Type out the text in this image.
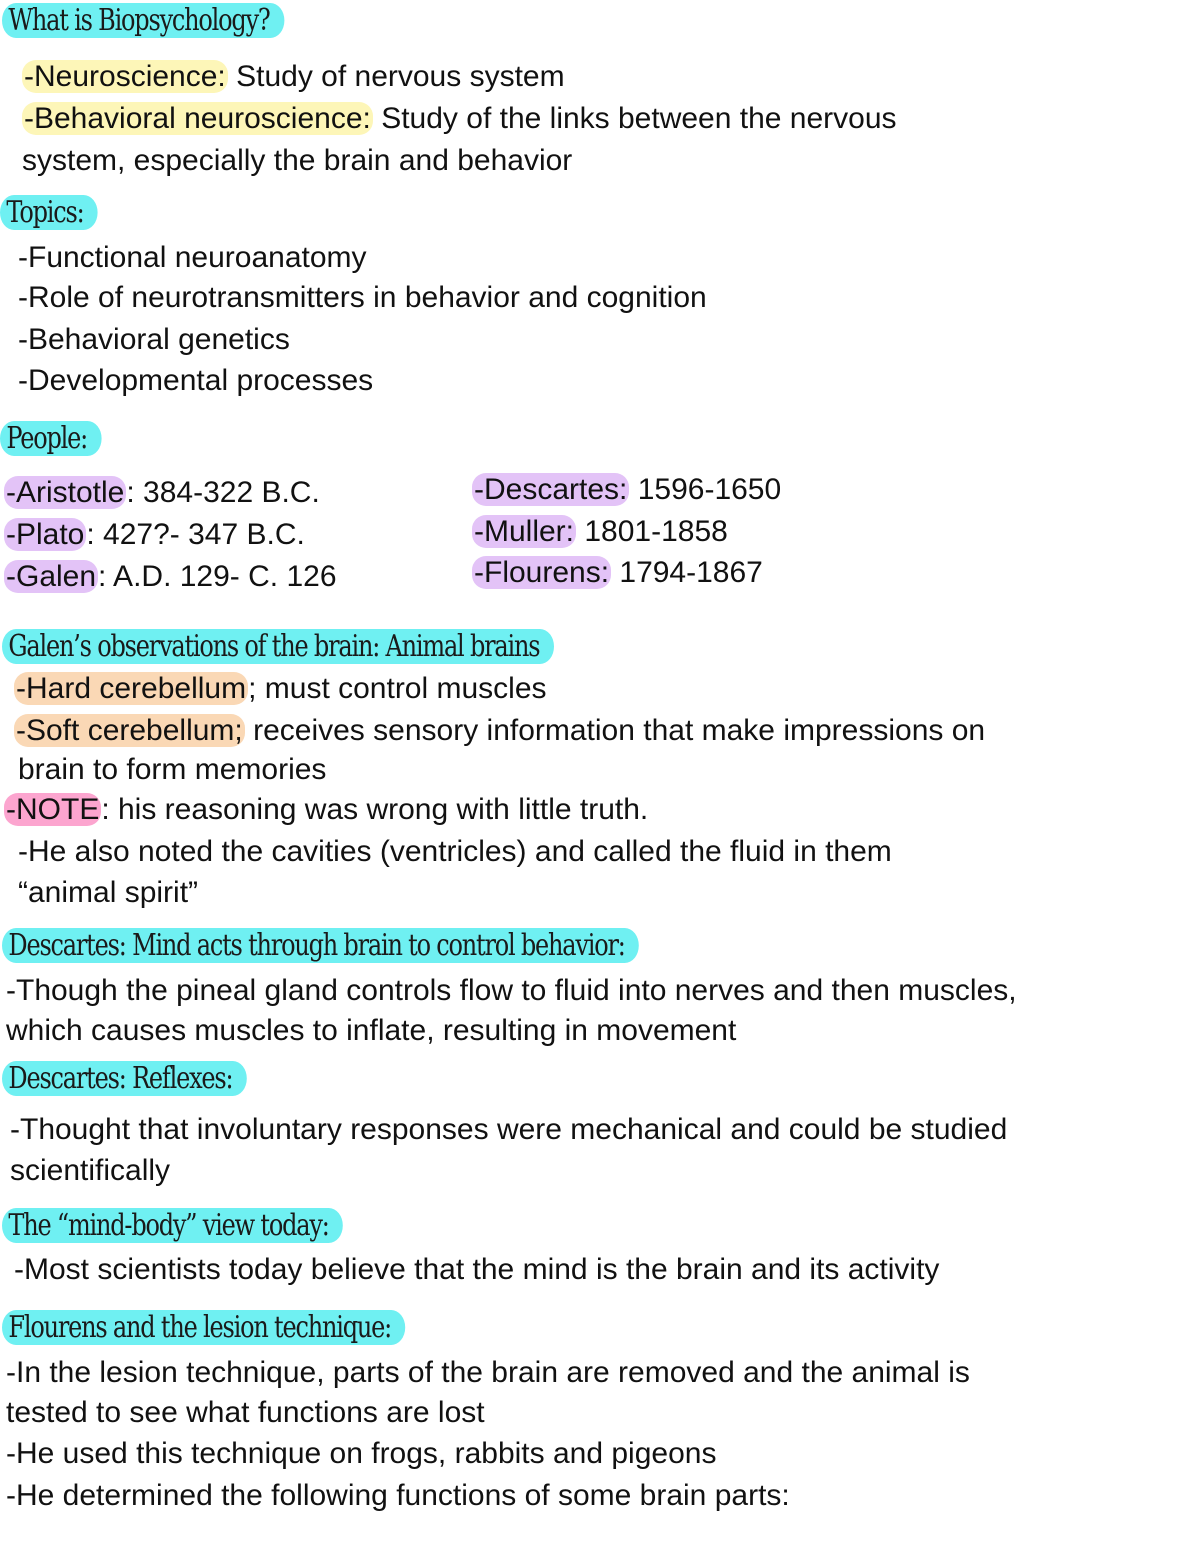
What is Biopsychology?
-Neuroscience: Study of nervous system
-Behavioral neuroscience: Study of the links between the nervous
system, especially the brain and behavior
Topics:
-Functional neuroanatomy
-Role of neurotransmitters in behavior and cognition
-Behavioral genetics
-Developmental processes
People:
-Aristotle: 384-322 B.C.
-Plato: 427?- 347 B.C.
-Galen: A.D. 129- C. 126
-Descartes: 1596-1650
-Muller: 1801-1858
-Flourens: 1794-1867
Galen’s observations of the brain: Animal brains
-Hard cerebellum; must control muscles
-Soft cerebellum; receives sensory information that make impressions on
brain to form memories
-NOTE: his reasoning was wrong with little truth.
-He also noted the cavities (ventricles) and called the fluid in them
“animal spirit”
Descartes: Mind acts through brain to control behavior:
-Though the pineal gland controls flow to fluid into nerves and then muscles,
which causes muscles to inflate, resulting in movement
Descartes: Reflexes:
-Thought that involuntary responses were mechanical and could be studied
scientifically
The “mind-body” view today:
-Most scientists today believe that the mind is the brain and its activity
Flourens and the lesion technique:
-In the lesion technique, parts of the brain are removed and the animal is
tested to see what functions are lost
-He used this technique on frogs, rabbits and pigeons
-He determined the following functions of some brain parts:
